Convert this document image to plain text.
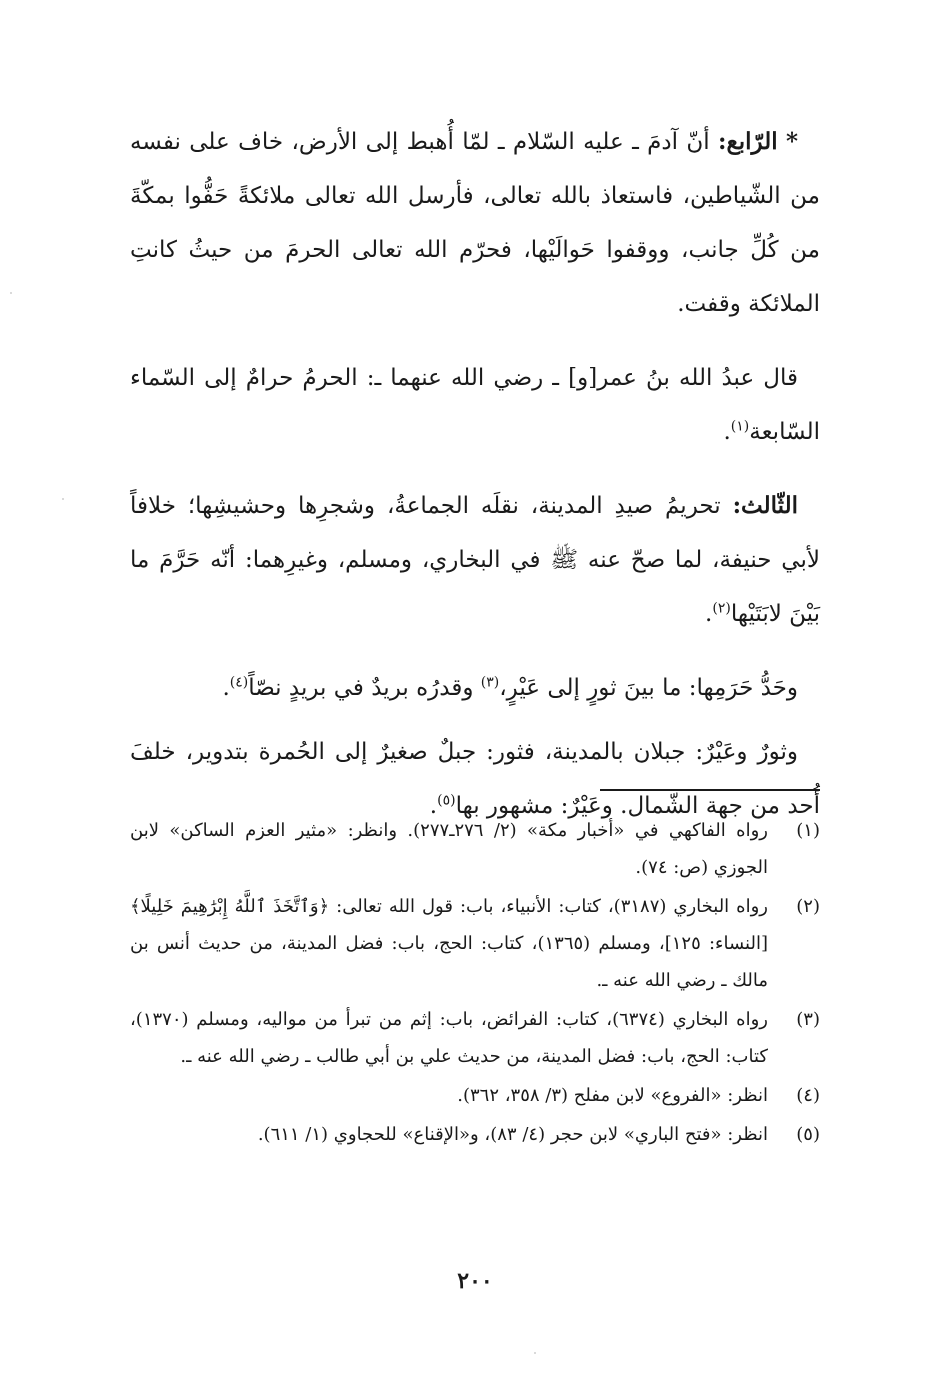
* الرّابع: أنّ آدمَ ـ عليه السّلام ـ لمّا أُهبط إلى الأرض، خاف على نفسه من الشّياطين، فاستعاذ بالله تعالى، فأرسل الله تعالى ملائكةً حَفُّوا بمكّةَ من كُلِّ جانب، ووقفوا حَوالَيْها، فحرّم الله تعالى الحرمَ من حيثُ كانتِ الملائكة وقفت.

قال عبدُ الله بنُ عمر[و] ـ رضي الله عنهما ـ: الحرمُ حرامٌ إلى السّماء السّابعة$^{(١)}$.

الثّالث: تحريمُ صيدِ المدينة، نقلَه الجماعةُ، وشجرِها وحشيشِها؛ خلافاً لأبي حنيفة، لما صحّ عنه ﷺ في البخاري، ومسلم، وغيرِهما: أنّه حَرَّمَ ما بَيْنَ لابَتَيْها$^{(٢)}$.

وحَدُّ حَرَمِها: ما بينَ ثورٍ إلى عَيْرٍ،$^{(٣)}$ وقدرُه بريدٌ في بريدٍ نصّاً$^{(٤)}$.

وثورٌ وعَيْرٌ: جبلان بالمدينة، فثور: جبلٌ صغيرٌ إلى الحُمرة بتدوير، خلفَ أُحد من جهة الشّمال. وعَيْرٌ: مشهور بها$^{(٥)}$.

(١)
رواه الفاكهي في «أخبار مكة» (٢/ ٢٧٦ـ٢٧٧). وانظر: «مثير العزم الساكن» لابن الجوزي (ص: ٧٤).
(٢)
رواه البخاري (٣١٨٧)، كتاب: الأنبياء، باب: قول الله تعالى: ﴿وَٱتَّخَذَ ٱللَّهُ إِبْرَٰهِيمَ خَلِيلًا﴾ [النساء: ١٢٥]، ومسلم (١٣٦٥)، كتاب: الحج، باب: فضل المدينة، من حديث أنس بن مالك ـ رضي الله عنه ـ.
(٣)
رواه البخاري (٦٣٧٤)، كتاب: الفرائض، باب: إثم من تبرأ من مواليه، ومسلم (١٣٧٠)، كتاب: الحج، باب: فضل المدينة، من حديث علي بن أبي طالب ـ رضي الله عنه ـ.
(٤)
انظر: «الفروع» لابن مفلح (٣/ ٣٥٨، ٣٦٢).
(٥)
انظر: «فتح الباري» لابن حجر (٤/ ٨٣)، و«الإقناع» للحجاوي (١/ ٦١١).
٢٠٠
